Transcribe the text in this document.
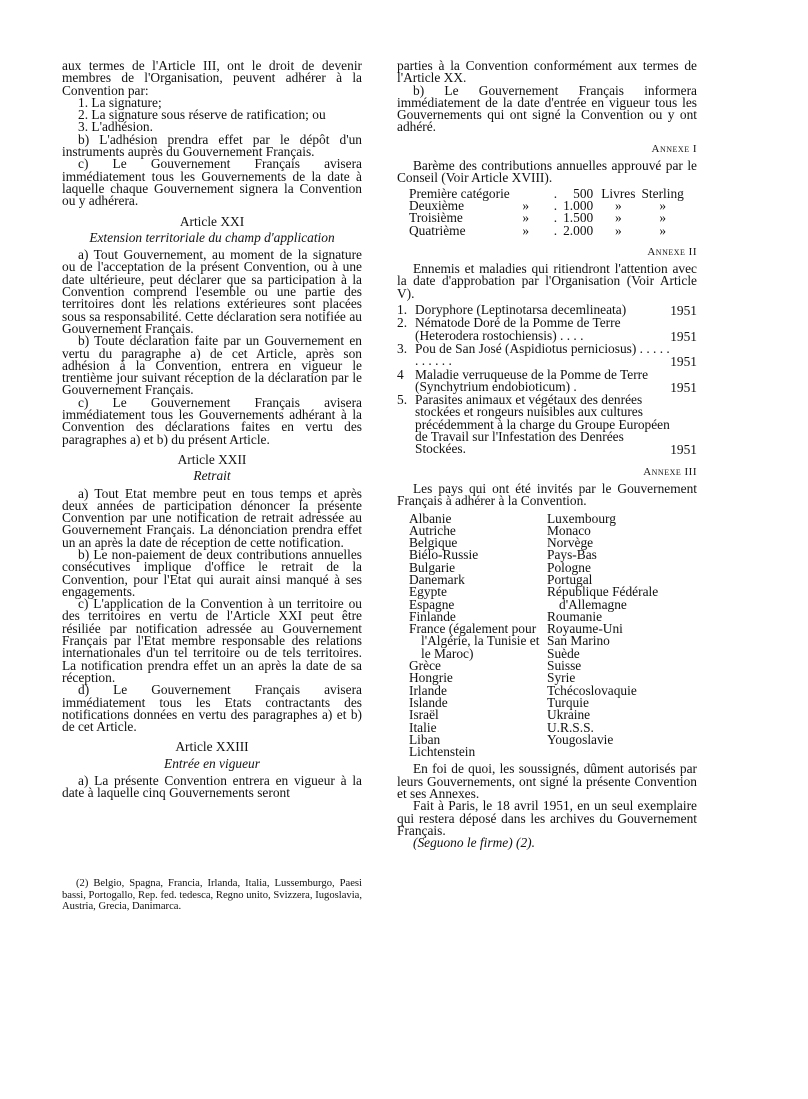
aux termes de l'Article III, ont le droit de devenir membres de l'Organisation, peuvent adhérer à la Convention par:

1. La signature;

2. La signature sous réserve de ratification; ou

3. L'adhésion.

b) L'adhésion prendra effet par le dépôt d'un instruments auprès du Gouvernement Français.

c) Le Gouvernement Français avisera immédiatement tous les Gouvernements de la date à laquelle chaque Gouvernement signera la Convention ou y adhérera.

Article XXI
Extension territoriale du champ d'application

a) Tout Gouvernement, au moment de la signature ou de l'acceptation de la présent Convention, ou à une date ultérieure, peut déclarer que sa participation à la Convention comprend l'esemble ou une partie des territoires dont les relations extérieures sont placées sous sa responsabilité. Cette déclaration sera notifiée au Gouvernement Français.

b) Toute déclaration faite par un Gouvernement en vertu du paragraphe a) de cet Article, après son adhésion à la Convention, entrera en vigueur le trentième jour suivant réception de la déclaration par le Gouvernement Français.

c) Le Gouvernement Français avisera immédiatement tous les Gouvernements adhérant à la Convention des déclarations faites en vertu des paragraphes a) et b) du présent Article.

Article XXII
Retrait

a) Tout Etat membre peut en tous temps et après deux années de participation dénoncer la présente Convention par une notification de retrait adressée au Gouvernement Français. La dénonciation prendra effet un an après la date de réception de cette notification.

b) Le non-paiement de deux contributions annuelles consécutives implique d'office le retrait de la Convention, pour l'Etat qui aurait ainsi manqué à ses engagements.

c) L'application de la Convention à un territoire ou des territoires en vertu de l'Article XXI peut être résiliée par notification adressée au Gouvernement Français par l'Etat membre responsable des relations internationales d'un tel territoire ou de tels territoires. La notification prendra effet un an après la date de sa réception.

d) Le Gouvernement Français avisera immédiatement tous les Etats contractants des notifications données en vertu des paragraphes a) et b) de cet Article.

Article XXIII
Entrée en vigueur

a) La présente Convention entrera en vigueur à la date à laquelle cinq Gouvernements seront

(2) Belgio, Spagna, Francia, Irlanda, Italia, Lussemburgo, Paesi bassi, Portogallo, Rep. fed. tedesca, Regno unito, Svizzera, Iugoslavia, Austria, Grecia, Danimarca.

parties à la Convention conformément aux termes de l'Article XX.

b) Le Gouvernement Français informera immédiatement de la date d'entrée en vigueur tous les Gouvernements qui ont signé la Convention ou y ont adhéré.

Annexe I

Barème des contributions annuelles approuvé par le Conseil (Voir Article XVIII).

Première catégorie		.	500	Livres	Sterling
Deuxième	»	.	1.000	»	»
Troisième	»	.	1.500	»	»
Quatrième	»	.	2.000	»	»
Annexe II

Ennemis et maladies qui ritiendront l'attention avec la date d'approbation par l'Organisation (Voir Article V).

1.	Doryphore (Leptinotarsa decemlineata)	1951
2.	Nématode Doré de la Pomme de Terre (Heterodera rostochiensis) . . . .	1951
3.	Pou de San José (Aspidiotus perniciosus) . . . . . . . . . . .	1951
4	Maladie verruqueuse de la Pomme de Terre (Synchytrium endobioticum) .	1951
5.	Parasites animaux et végétaux des denrées stockées et rongeurs nuisibles aux cultures précédemment à la charge du Groupe Européen de Travail sur l'Infestation des Denrées Stockées.	1951
Annexe III

Les pays qui ont été invités par le Gouvernement Français à adhérer à la Convention.

Albanie
Autriche
Belgique
Biélo-Russie
Bulgarie
Danemark
Egypte
Espagne
Finlande
France (également pour l'Algérie, la Tunisie et le Maroc)
Grèce
Hongrie
Irlande
Islande
Israël
Italie
Liban
Lichtenstein

Luxembourg
Monaco
Norvège
Pays-Bas
Pologne
Portugal
République Fédérale d'Allemagne
Roumanie
Royaume-Uni
San Marino
Suède
Suisse
Syrie
Tchécoslovaquie
Turquie
Ukraine
U.R.S.S.
Yougoslavie

En foi de quoi, les soussignés, dûment autorisés par leurs Gouvernements, ont signé la présente Convention et ses Annexes.

Fait à Paris, le 18 avril 1951, en un seul exemplaire qui restera déposé dans les archives du Gouvernement Français.

(Seguono le firme) (2).
